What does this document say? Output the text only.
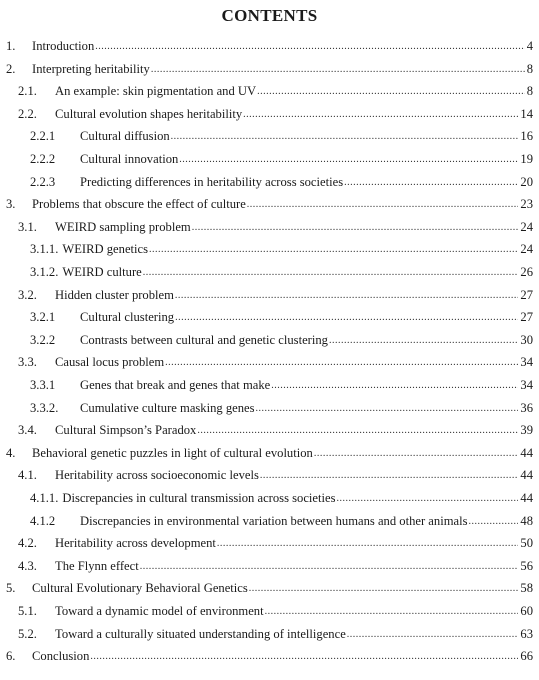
CONTENTS
1.	Introduction .....	4
2.	Interpreting heritability .....	8
2.1.	An example: skin pigmentation and UV .....	8
2.2.	Cultural evolution shapes heritability .....	14
2.2.1	Cultural diffusion .....	16
2.2.2	Cultural innovation .....	19
2.2.3	Predicting differences in heritability across societies .....	20
3.	Problems that obscure the effect of culture .....	23
3.1.	WEIRD sampling problem .....	24
3.1.1. WEIRD genetics .....	24
3.1.2. WEIRD culture .....	26
3.2.	Hidden cluster problem .....	27
3.2.1	Cultural clustering .....	27
3.2.2	Contrasts between cultural and genetic clustering .....	30
3.3.	Causal locus problem .....	34
3.3.1	Genes that break and genes that make .....	34
3.3.2.	Cumulative culture masking genes .....	36
3.4.	Cultural Simpson’s Paradox .....	39
4.	Behavioral genetic puzzles in light of cultural evolution .....	44
4.1.	Heritability across socioeconomic levels .....	44
4.1.1. Discrepancies in cultural transmission across societies .....	44
4.1.2	Discrepancies in environmental variation between humans and other animals .....	48
4.2.	Heritability across development .....	50
4.3.	The Flynn effect .....	56
5.	Cultural Evolutionary Behavioral Genetics .....	58
5.1.	Toward a dynamic model of environment .....	60
5.2.	Toward a culturally situated understanding of intelligence .....	63
6.	Conclusion .....	66
